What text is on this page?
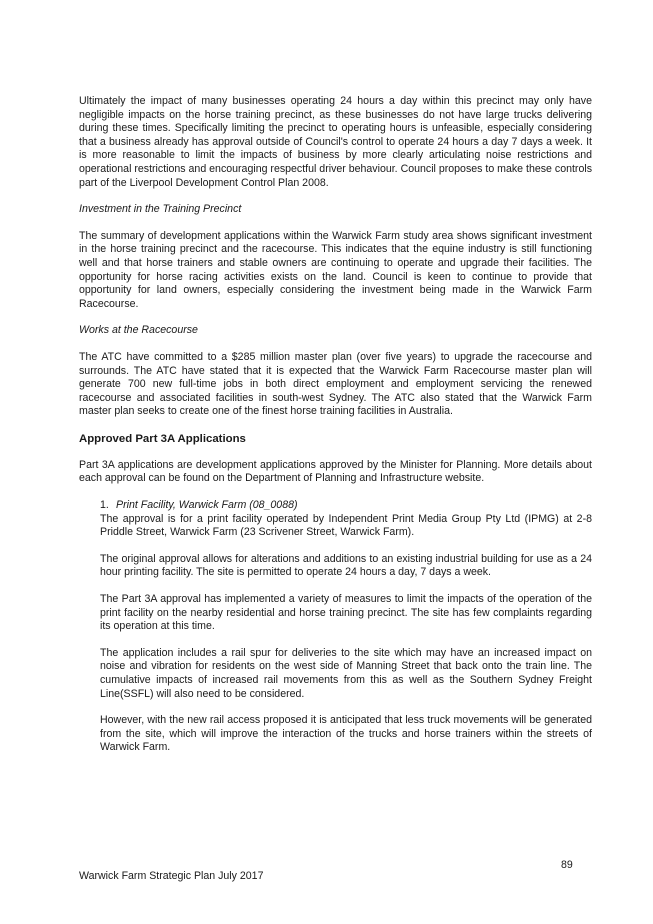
Ultimately the impact of many businesses operating 24 hours a day within this precinct may only have negligible impacts on the horse training precinct, as these businesses do not have large trucks delivering during these times. Specifically limiting the precinct to operating hours is unfeasible, especially considering that a business already has approval outside of Council's control to operate 24 hours a day 7 days a week. It is more reasonable to limit the impacts of business by more clearly articulating noise restrictions and operational restrictions and encouraging respectful driver behaviour. Council proposes to make these controls part of the Liverpool Development Control Plan 2008.

Investment in the Training Precinct

The summary of development applications within the Warwick Farm study area shows significant investment in the horse training precinct and the racecourse. This indicates that the equine industry is still functioning well and that horse trainers and stable owners are continuing to operate and upgrade their facilities. The opportunity for horse racing activities exists on the land. Council is keen to continue to provide that opportunity for land owners, especially considering the investment being made in the Warwick Farm Racecourse.

Works at the Racecourse

The ATC have committed to a $285 million master plan (over five years) to upgrade the racecourse and surrounds. The ATC have stated that it is expected that the Warwick Farm Racecourse master plan will generate 700 new full-time jobs in both direct employment and employment servicing the renewed racecourse and associated facilities in south-west Sydney. The ATC also stated that the Warwick Farm master plan seeks to create one of the finest horse training facilities in Australia.

Approved Part 3A Applications

Part 3A applications are development applications approved by the Minister for Planning. More details about each approval can be found on the Department of Planning and Infrastructure website.

1. Print Facility, Warwick Farm (08_0088)

The approval is for a print facility operated by Independent Print Media Group Pty Ltd (IPMG) at 2-8 Priddle Street, Warwick Farm (23 Scrivener Street, Warwick Farm).

The original approval allows for alterations and additions to an existing industrial building for use as a 24 hour printing facility. The site is permitted to operate 24 hours a day, 7 days a week.

The Part 3A approval has implemented a variety of measures to limit the impacts of the operation of the print facility on the nearby residential and horse training precinct. The site has few complaints regarding its operation at this time.

The application includes a rail spur for deliveries to the site which may have an increased impact on noise and vibration for residents on the west side of Manning Street that back onto the train line. The cumulative impacts of increased rail movements from this as well as the Southern Sydney Freight Line(SSFL) will also need to be considered.

However, with the new rail access proposed it is anticipated that less truck movements will be generated from the site, which will improve the interaction of the trucks and horse trainers within the streets of Warwick Farm.

89
Warwick Farm Strategic Plan July 2017
